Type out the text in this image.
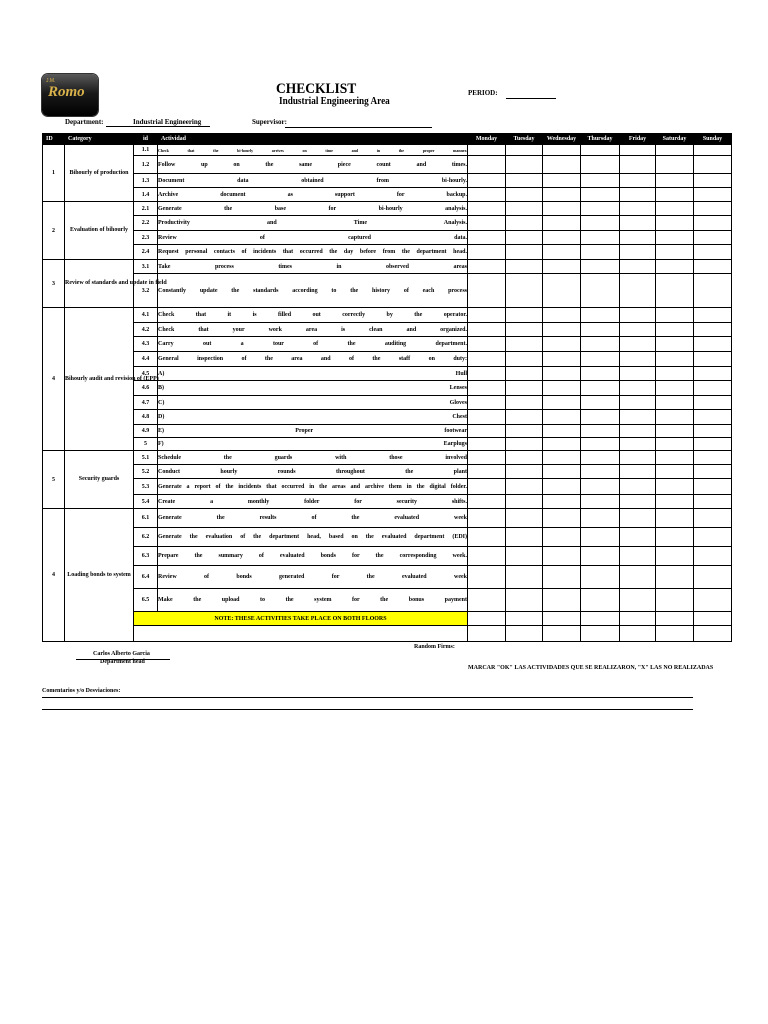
J.M.
Romo	CHECKLIST
Industrial Engineering Area
PERIOD:
Department:	Industrial Engineering	Supervisor:
ID	Category	id	Actividad	Monday	Tuesday	Wednesday	Thursday	Friday	Saturday	Sunday
1	Bihourly of production	1.1	Check that the bi-hourly arrives on time and in the proper manner.							
		1.2	Follow up on the same piece count and times.							
		1.3	Document data obtained from bi-hourly.							
		1.4	Archive document as support for backup.							
2	Evaluation of bihourly	2.1	Generate the base for bi-hourly analysis.							
		2.2	Productivity and Time Analysis.							
		2.3	Review of captured data.							
		2.4	Request personal contacts of incidents that occurred the day before from the department head.							
3	Review of standards and update in field	3.1	Take process times in observed areas							
		3.2	Constantly update the standards according to the history of each process							
4	Bihourly audit and revision of (EPP)	4.1	Check that it is filled out correctly by the operator.							
		4.2	Check that your work area is clean and organized.							
		4.3	Carry out a tour of the auditing department.							
		4.4	General inspection of the area and of the staff on duty:							
		4.5	A) Hull							
		4.6	B) Lenses							
		4.7	C) Gloves							
		4.8	D) Chest							
		4.9	E) Proper footwear							
		5	F) Earplugs							
5	Security guards	5.1	Schedule the guards with those involved							
		5.2	Conduct hourly rounds throughout the plant							
		5.3	Generate a report of the incidents that occurred in the areas and archive them in the digital folder.							
		5.4	Create a monthly folder for security shifts.							
4	Loading bonds to system	6.1	Generate the results of the evaluated week							
		6.2	Generate the evaluation of the department head, based on the evaluated department (EDI)							
		6.3	Prepare the summary of evaluated bonds for the corresponding week.							
		6.4	Review of bonds generated for the evaluated week							
		6.5	Make the upload to the system for the bonus payment							
		NOTE: THESE ACTIVITIES TAKE PLACE ON BOTH FLOORS								

Random Firms:
Carlos Alberto Garcia
Department head
MARCAR "OK" LAS ACTIVIDADES QUE SE REALIZARON, "X" LAS NO REALIZADAS
Comentarios y/o Desviaciones:
